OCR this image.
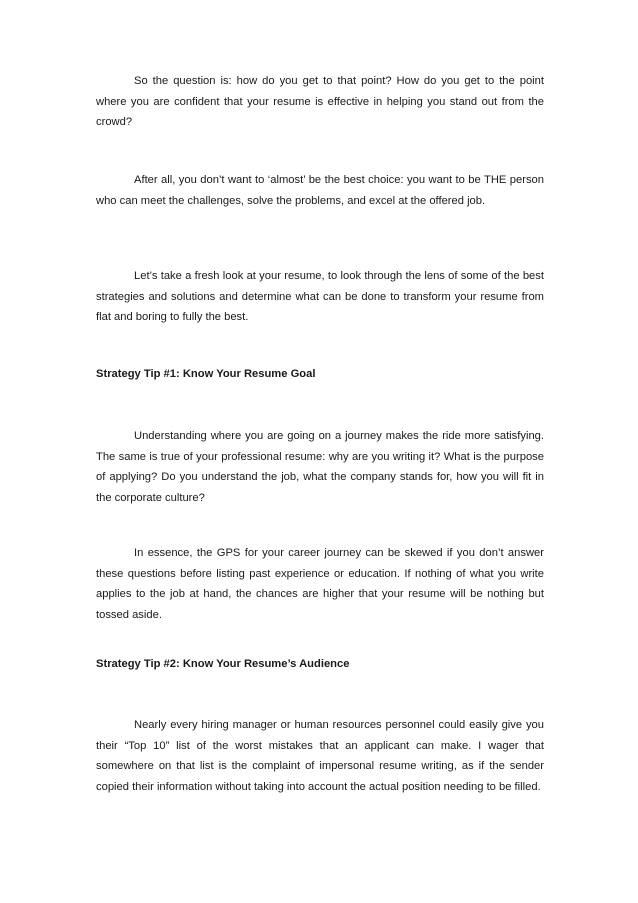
So the question is: how do you get to that point? How do you get to the point where you are confident that your resume is effective in helping you stand out from the crowd?

After all, you don’t want to ‘almost’ be the best choice: you want to be THE person who can meet the challenges, solve the problems, and excel at the offered job.

Let’s take a fresh look at your resume, to look through the lens of some of the best strategies and solutions and determine what can be done to transform your resume from flat and boring to fully the best.

Strategy Tip #1: Know Your Resume Goal

Understanding where you are going on a journey makes the ride more satisfying. The same is true of your professional resume: why are you writing it? What is the purpose of applying? Do you understand the job, what the company stands for, how you will fit in the corporate culture?

In essence, the GPS for your career journey can be skewed if you don’t answer these questions before listing past experience or education. If nothing of what you write applies to the job at hand, the chances are higher that your resume will be nothing but tossed aside.

Strategy Tip #2: Know Your Resume’s Audience

Nearly every hiring manager or human resources personnel could easily give you their “Top 10” list of the worst mistakes that an applicant can make. I wager that somewhere on that list is the complaint of impersonal resume writing, as if the sender copied their information without taking into account the actual position needing to be filled.
